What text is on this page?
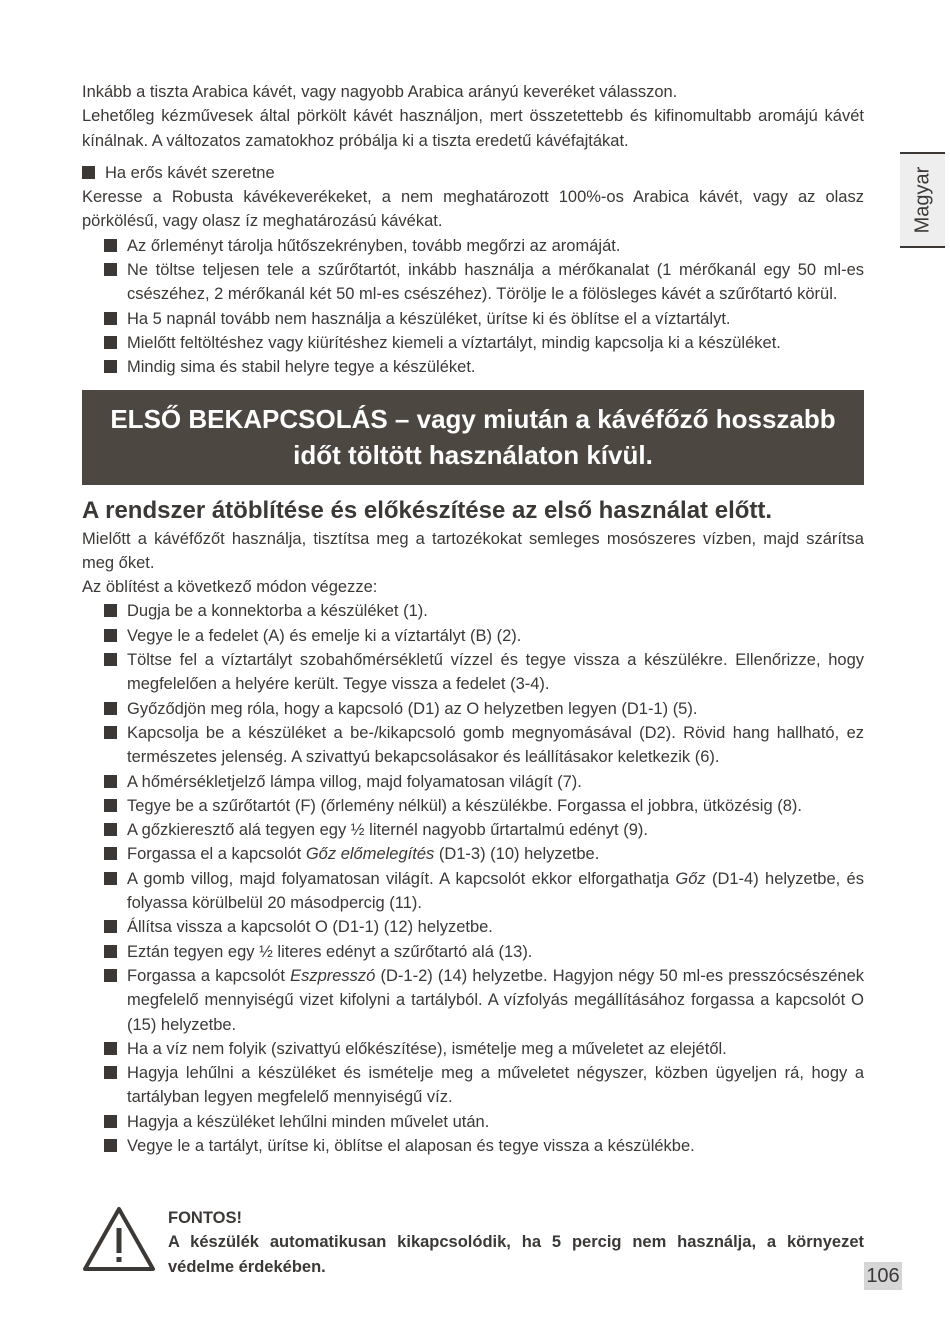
Inkább a tiszta Arabica kávét, vagy nagyobb Arabica arányú keveréket válasszon.

Lehetőleg kézművesek által pörkölt kávét használjon, mert összetettebb és kifinomultabb aromájú kávét kínálnak. A változatos zamatokhoz próbálja ki a tiszta eredetű kávéfajtákat.

Ha erős kávét szeretne

Keresse a Robusta kávékeverékeket, a nem meghatározott 100%-os Arabica kávét, vagy az olasz pörkölésű, vagy olasz íz meghatározású kávékat.

Az őrleményt tárolja hűtőszekrényben, tovább megőrzi az aromáját.
Ne töltse teljesen tele a szűrőtartót, inkább használja a mérőkanalat (1 mérőkanál egy 50 ml-es csészéhez, 2 mérőkanál két 50 ml-es csészéhez). Törölje le a fölösleges kávét a szűrőtartó körül.
Ha 5 napnál tovább nem használja a készüléket, ürítse ki és öblítse el a víztartályt.
Mielőtt feltöltéshez vagy kiürítéshez kiemeli a víztartályt, mindig kapcsolja ki a készüléket.
Mindig sima és stabil helyre tegye a készüléket.
ELSŐ BEKAPCSOLÁS – vagy miután a kávéfőző hosszabb
időt töltött használaton kívül.
A rendszer átöblítése és előkészítése az első használat előtt.

Mielőtt a kávéfőzőt használja, tisztítsa meg a tartozékokat semleges mosószeres vízben, majd szárítsa meg őket.

Az öblítést a következő módon végezze:

Dugja be a konnektorba a készüléket (1).
Vegye le a fedelet (A) és emelje ki a víztartályt (B) (2).
Töltse fel a víztartályt szobahőmérsékletű vízzel és tegye vissza a készülékre. Ellenőrizze, hogy megfelelően a helyére került. Tegye vissza a fedelet (3-4).
Győződjön meg róla, hogy a kapcsoló (D1) az O helyzetben legyen (D1-1) (5).
Kapcsolja be a készüléket a be-/kikapcsoló gomb megnyomásával (D2). Rövid hang hallható, ez természetes jelenség. A szivattyú bekapcsolásakor és leállításakor keletkezik (6).
A hőmérsékletjelző lámpa villog, majd folyamatosan világít (7).
Tegye be a szűrőtartót (F) (őrlemény nélkül) a készülékbe. Forgassa el jobbra, ütközésig (8).
A gőzkieresztő alá tegyen egy ½ liternél nagyobb űrtartalmú edényt (9).
Forgassa el a kapcsolót Gőz előmelegítés (D1-3) (10) helyzetbe.
A gomb villog, majd folyamatosan világít. A kapcsolót ekkor elforgathatja Gőz (D1-4) helyzetbe, és folyassa körülbelül 20 másodpercig (11).
Állítsa vissza a kapcsolót O (D1-1) (12) helyzetbe.
Eztán tegyen egy ½ literes edényt a szűrőtartó alá (13).
Forgassa a kapcsolót Eszpresszó (D-1-2) (14) helyzetbe. Hagyjon négy 50 ml-es presszócsészének megfelelő mennyiségű vizet kifolyni a tartályból. A vízfolyás megállításához forgassa a kapcsolót O (15) helyzetbe.
Ha a víz nem folyik (szivattyú előkészítése), ismételje meg a műveletet az elejétől.
Hagyja lehűlni a készüléket és ismételje meg a műveletet négyszer, közben ügyeljen rá, hogy a tartályban legyen megfelelő mennyiségű víz.
Hagyja a készüléket lehűlni minden művelet után.
Vegye le a tartályt, ürítse ki, öblítse el alaposan és tegye vissza a készülékbe.
FONTOS!
A készülék automatikusan kikapcsolódik, ha 5 percig nem használja, a környezet védelme érdekében.
Magyar
106
